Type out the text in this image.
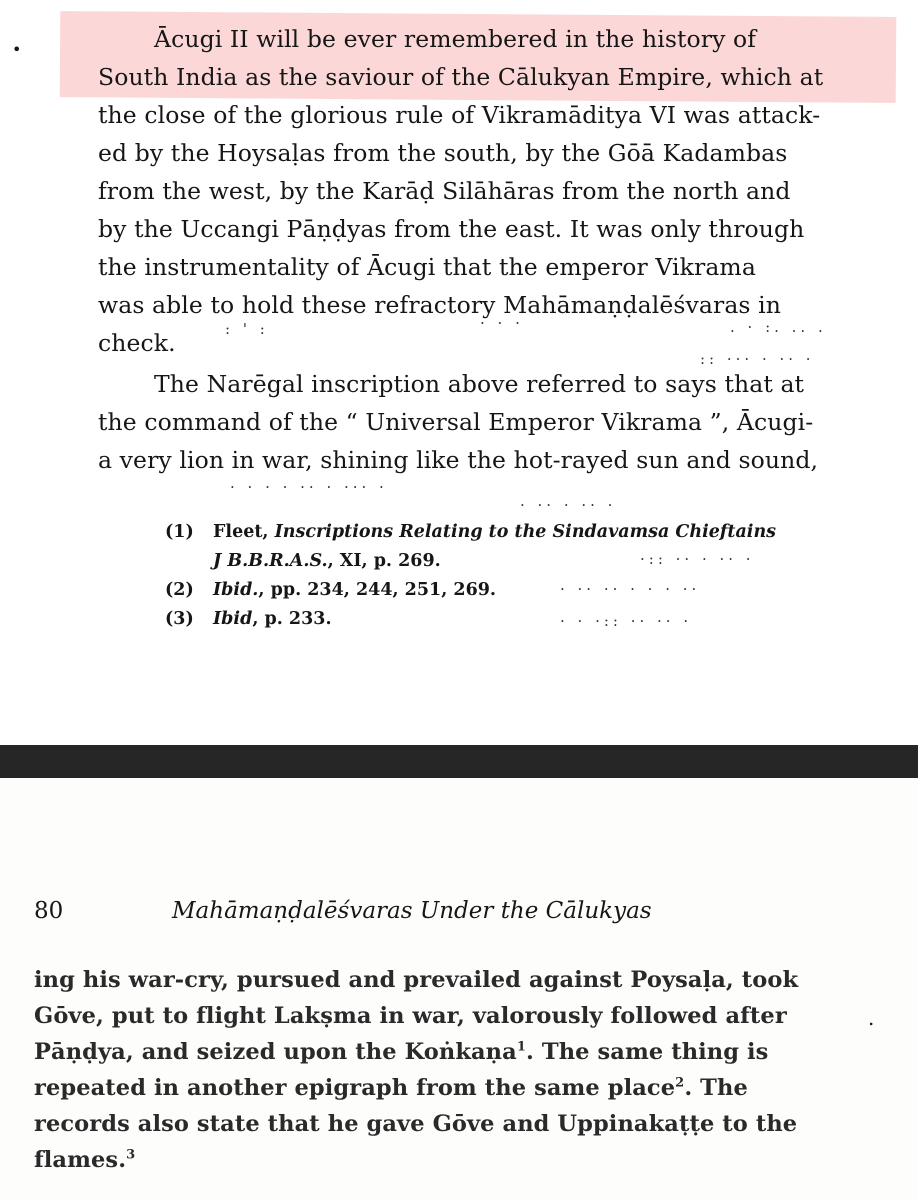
•	Ācugi II will be ever remembered in the history of
South India as the saviour of the Cālukyan Empire, which at
the close of the glorious rule of Vikramāditya VI was attack-
ed by the Hoysaḷas from the south, by the Gōā Kadambas
from the west, by the Karāḍ Silāhāras from the north and
by the Uccangi Pāṇḍyas from the east. It was only through
the instrumentality of Ācugi that the emperor Vikrama
was able to hold these refractory Mahāmaṇḍalēśvaras in
check.	: ' :	· · ·	. · :. .. .
:: ··· · ·· ·
The Narēgal inscription above referred to says that at
the command of the “ Universal Emperor Vikrama ”, Ācugi-
a very lion in war, shining like the hot-rayed sun and sound,
· · · · ·· · ··· ·
· ·· · ·· ·
(1) Fleet, Inscriptions Relating to the Sindavamsa Chieftains
J B.B.R.A.S., XI, p. 269.
(2) Ibid., pp. 234, 244, 251, 269.
(3) Ibid, p. 233.
·:: ·· · ·· ·
· ·· ·· · · · ··
· · ·:: ·· ·· ·
80	Mahāmaṇḍalēśvaras Under the Cālukyas
ing his war-cry, pursued and prevailed against Poysaḷa, took
Gōve, put to flight Lakṣma in war, valorously followed after
Pāṇḍya, and seized upon the Koṅkaṇa$^1$. The same thing is
repeated in another epigraph from the same place$^2$. The
records also state that he gave Gōve and Uppinakaṭṭe to the
flames.$^3$
.
